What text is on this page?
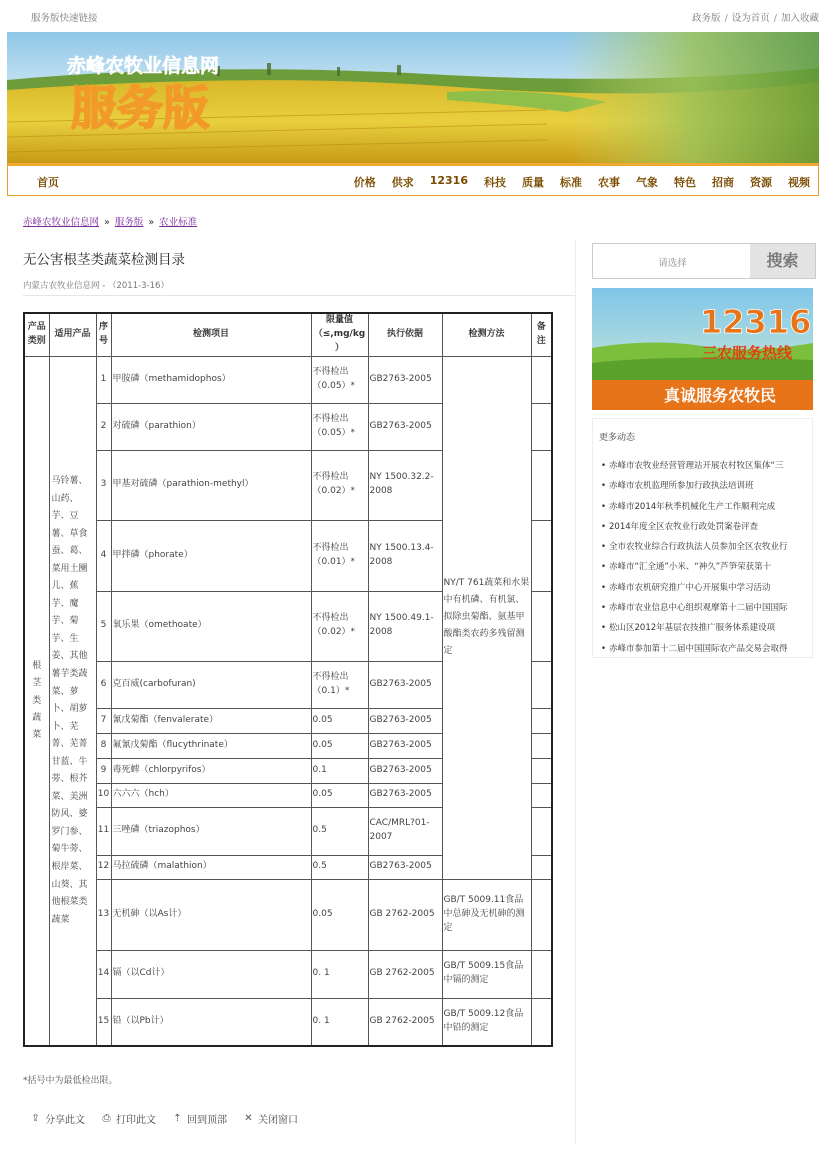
服务版快速链接	政务版 / 设为首页 / 加入收藏
赤峰农牧业信息网
服务版
首页	价格 供求 12316 科技 质量 标准 农事 气象 特色 招商 资源 视频
赤峰农牧业信息网 » 服务版 » 农业标准
无公害根茎类蔬菜检测目录
内蒙古农牧业信息网 - （2011-3-16）
产品类别	适用产品	序号	检测项目	限量值（≤,mg/kg）	执行依据	检测方法	备注
根茎类蔬菜	马铃薯、山药、芋、豆薯、草食蚕、葛、菜用土圞儿、蕉芋、魔芋、菊芋、生姜、其他薯芋类蔬菜、萝卜、胡萝卜、芜菁、芜菁甘蓝、牛蒡、根芥菜、美洲防风、婆罗门参、菊牛蒡、根岸菜、山葵、其他根菜类蔬菜	1	甲胺磷（methamidophos）	不得检出（0.05）*	GB2763-2005	NY/T 761蔬菜和水果中有机磷、有机氯、拟除虫菊酯、氨基甲酸酯类农药多残留测定	
		2	对硫磷（parathion）	不得检出（0.05）*	GB2763-2005		
		3	甲基对硫磷（parathion-methyl）	不得检出（0.02）*	NY 1500.32.2-2008		
		4	甲拌磷（phorate）	不得检出（0.01）*	NY 1500.13.4-2008		
		5	氧乐果（omethoate）	不得检出（0.02）*	NY 1500.49.1-2008		
		6	克百威(carbofuran)	不得检出（0.1）*	GB2763-2005		
		7	氰戊菊酯（fenvalerate）	0.05	GB2763-2005		
		8	氟氰戊菊酯（flucythrinate）	0.05	GB2763-2005		
		9	毒死蜱（chlorpyrifos）	0.1	GB2763-2005		
		10	六六六（hch）	0.05	GB2763-2005		
		11	三唑磷（triazophos）	0.5	CAC/MRL?01-2007		
		12	马拉硫磷（malathion）	0.5	GB2763-2005		
		13	无机砷（以As计）	0.05	GB 2762-2005	GB/T 5009.11食品中总砷及无机砷的测定	
		14	镉（以Cd计）	0. 1	GB 2762-2005	GB/T 5009.15食品中镉的测定	
		15	铅（以Pb计）	0. 1	GB 2762-2005	GB/T 5009.12食品中铅的测定	
*括号中为最低检出限。
⇪ 分享此文 ⎙ 打印此文 ⇡ 回到顶部 ✕ 关闭窗口
请选择	搜索
12316
三农服务热线
真诚服务农牧民
更多动态
• 赤峰市农牧业经营管理站开展农村牧区集体“三
• 赤峰市农机监理所参加行政执法培训班
• 赤峰市2014年秋季机械化生产工作顺利完成
• 2014年度全区农牧业行政处罚案卷评查
• 全市农牧业综合行政执法人员参加全区农牧业行
• 赤峰市“汇全通”小米、“神久”芦笋荣获第十
• 赤峰市农机研究推广中心开展集中学习活动
• 赤峰市农业信息中心组织观摩第十二届中国国际
• 松山区2012年基层农技推广服务体系建设项
• 赤峰市参加第十二届中国国际农产品交易会取得
